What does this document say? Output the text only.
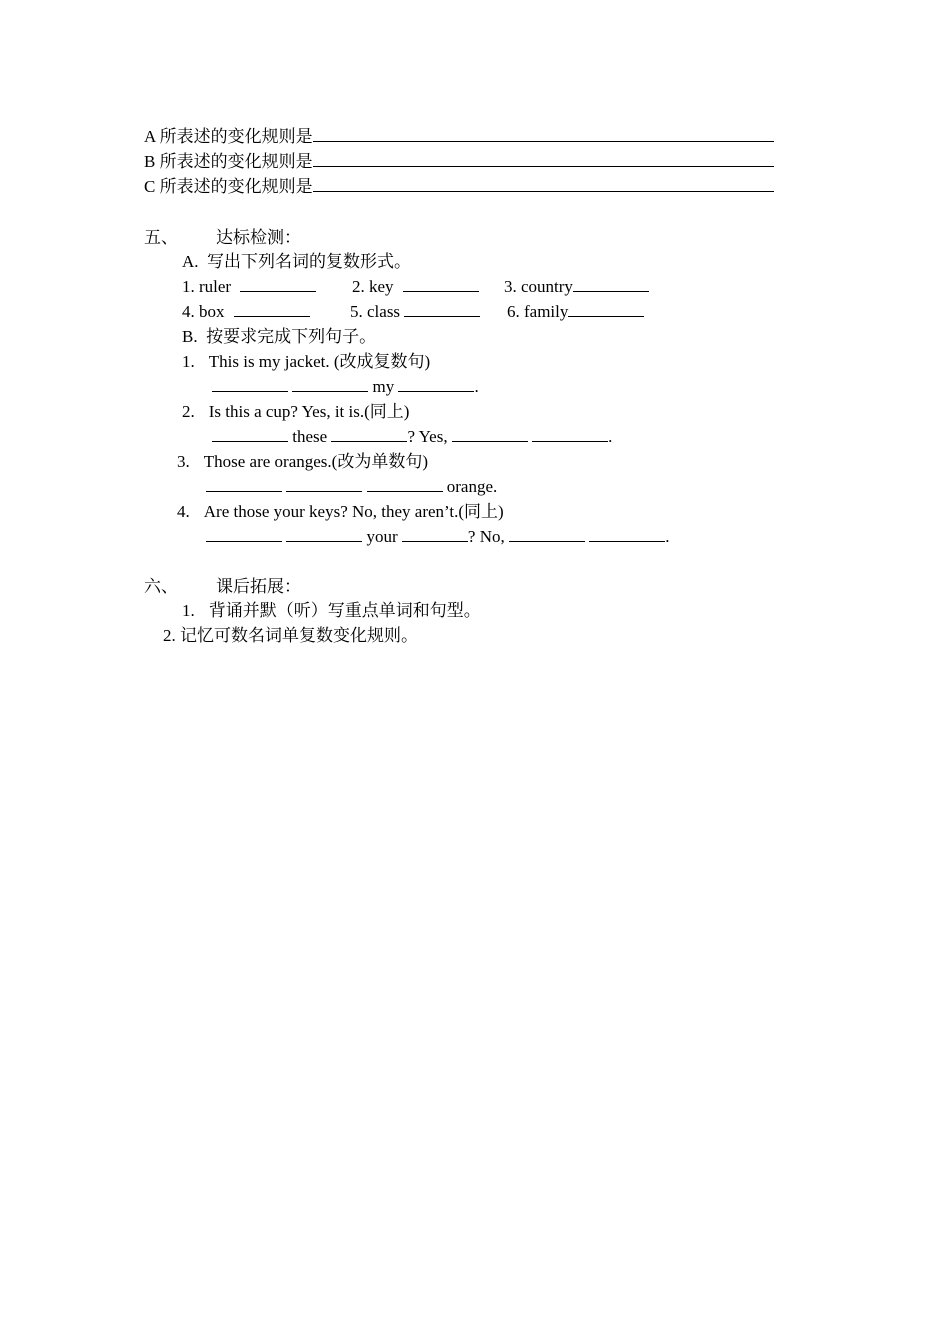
A 所表述的变化规则是
B 所表述的变化规则是
C 所表述的变化规则是
五、 达标检测：
A.  写出下列名词的复数形式。
1. ruler	2. key	3. country
4. box	5. class	6. family
B.  按要求完成下列句子。
1. This is my jacket. (改成复数句)
my	.
2. Is this a cup? Yes, it is.(同上)
these	? Yes,	.
3. Those are oranges.(改为单数句)
orange.
4. Are those your keys? No, they aren’t.(同上)
your	? No,	.
六、 课后拓展：
1. 背诵并默（听）写重点单词和句型。
2. 记忆可数名词单复数变化规则。
